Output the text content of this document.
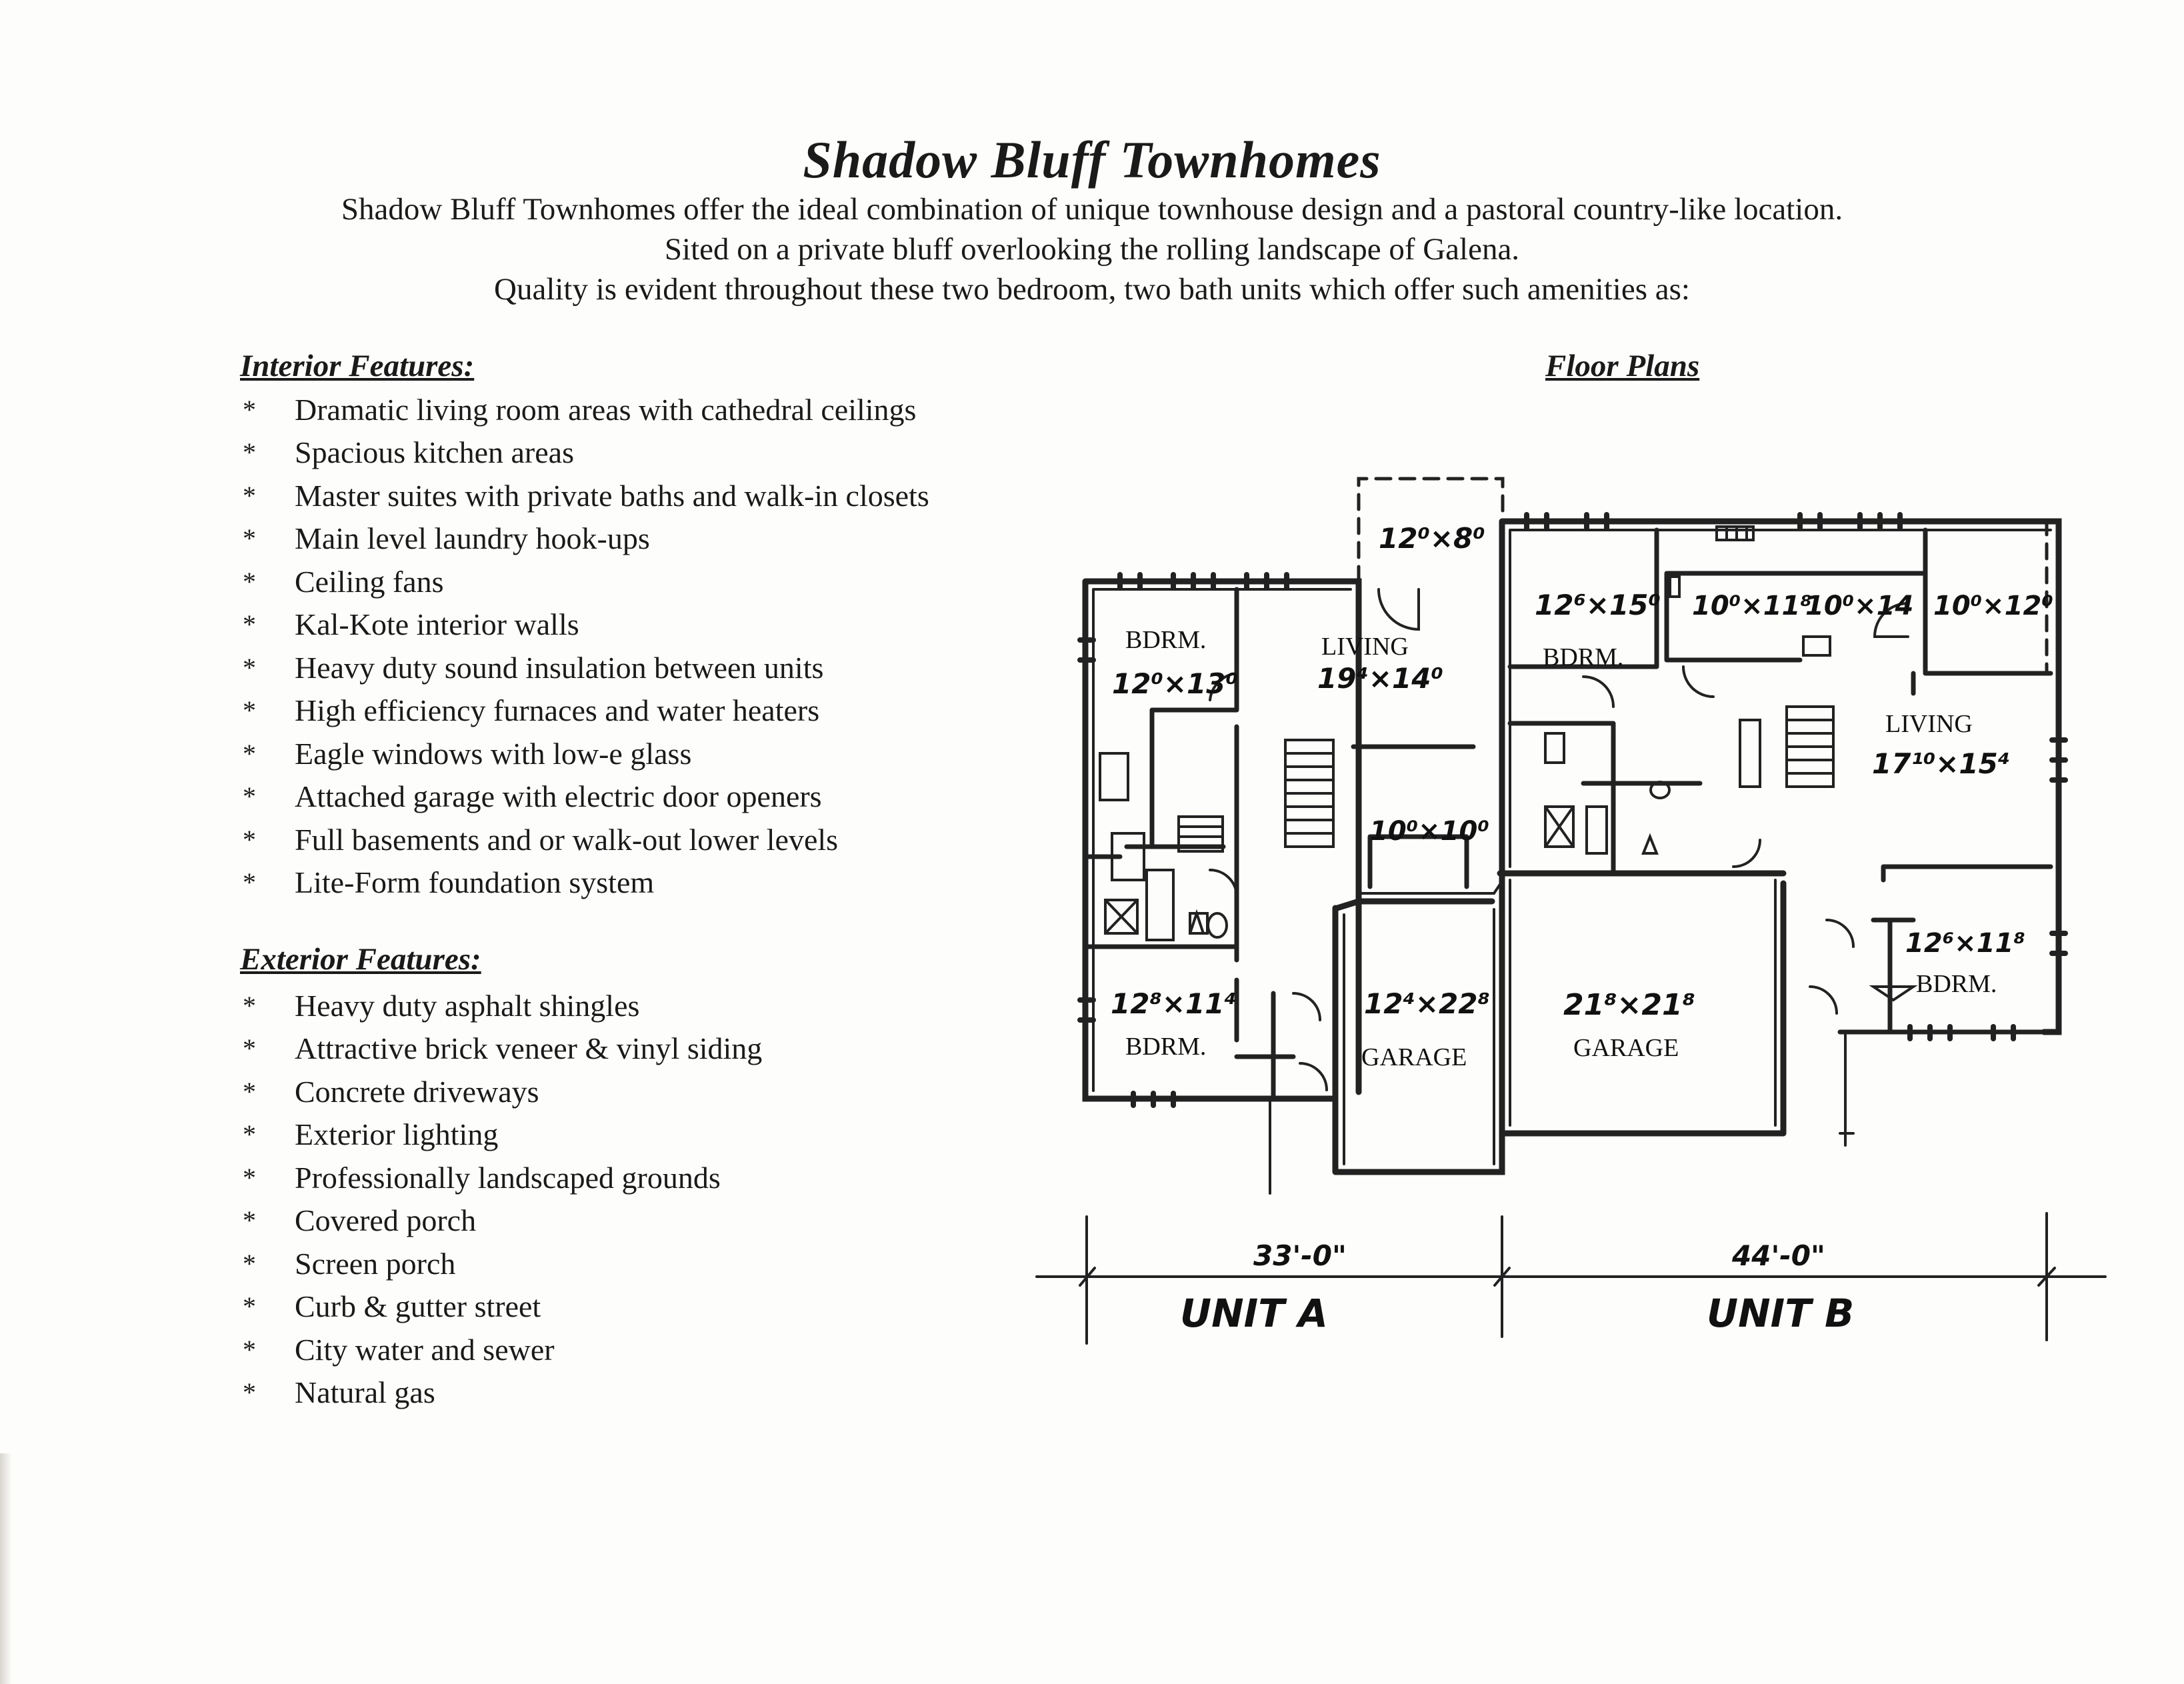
Shadow Bluff Townhomes
Shadow Bluff Townhomes offer the ideal combination of unique townhouse design and a pastoral country-like location.
Sited on a private bluff overlooking the rolling landscape of Galena.
Quality is evident throughout these two bedroom, two bath units which offer such amenities as:
Interior Features:
*	Dramatic living room areas with cathedral ceilings
*	Spacious kitchen areas
*	Master suites with private baths and walk-in closets
*	Main level laundry hook-ups
*	Ceiling fans
*	Kal-Kote interior walls
*	Heavy duty sound insulation between units
*	High efficiency furnaces and water heaters
*	Eagle windows with low-e glass
*	Attached garage with electric door openers
*	Full basements and or walk-out lower levels
*	Lite-Form foundation system
Exterior Features:
*	Heavy duty asphalt shingles
*	Attractive brick veneer & vinyl siding
*	Concrete driveways
*	Exterior lighting
*	Professionally landscaped grounds
*	Covered porch
*	Screen porch
*	Curb & gutter street
*	City water and sewer
*	Natural gas
Floor Plans
12⁰×8⁰
BDRM.
12⁰×13⁰
LIVING
19⁴×14⁰
10⁰×10⁰
12⁸×11⁴
BDRM.
12⁴×22⁸
GARAGE
12⁶×15⁰
BDRM.
10⁰×11⁸
10⁰×14 10⁰×12⁰
LIVING
17¹⁰×15⁴
21⁸×21⁸
GARAGE
12⁶×11⁸
BDRM.
33'-0"
UNIT A
44'-0"
UNIT B
